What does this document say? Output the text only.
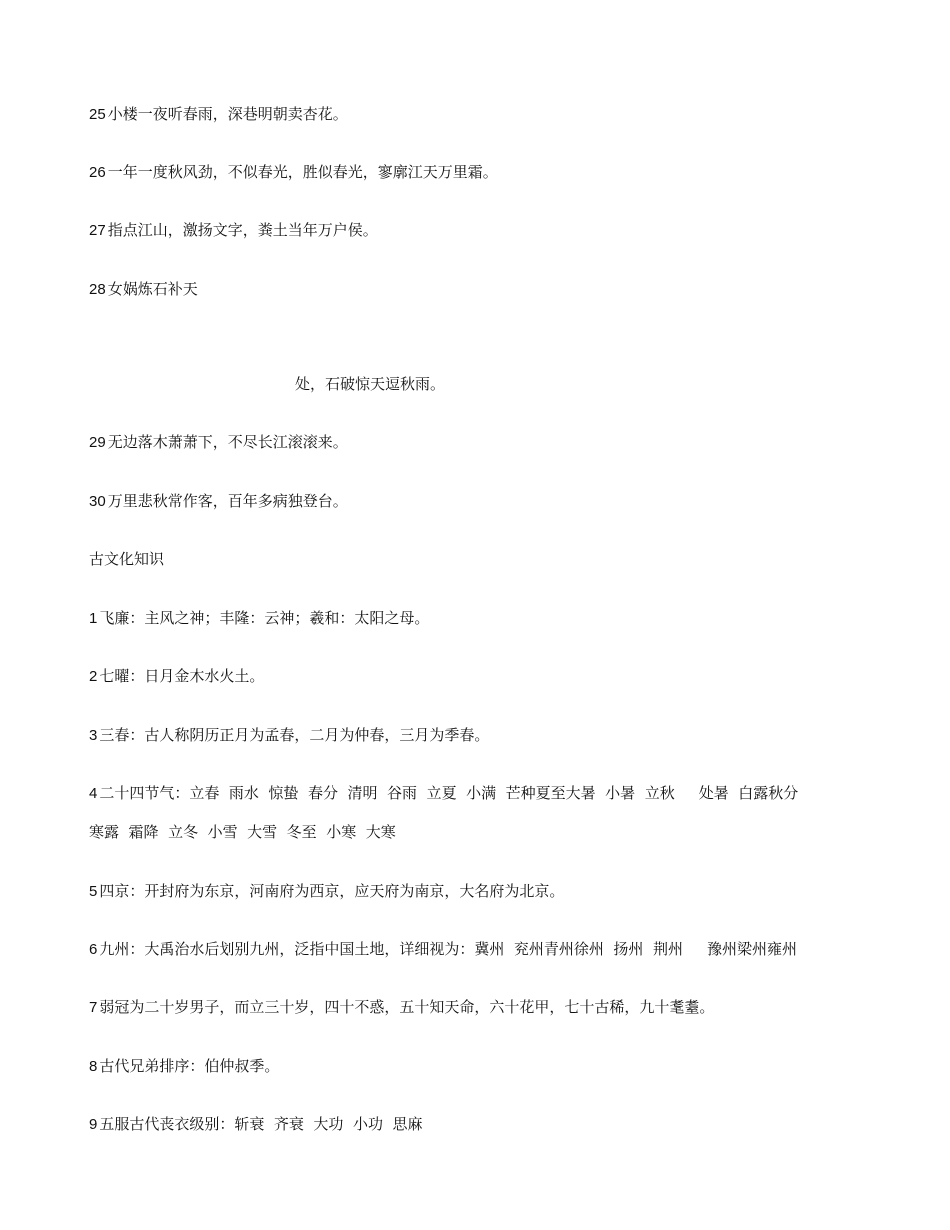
25 小楼一夜听春雨，深巷明朝卖杏花。
26 一年一度秋风劲，不似春光，胜似春光，寥廓江天万里霜。
27 指点江山，激扬文字，粪土当年万户侯。
28 女娲炼石补天
处，石破惊天逗秋雨。
29 无边落木萧萧下，不尽长江滚滚来。
30 万里悲秋常作客，百年多病独登台。
古文化知识
1 飞廉：主风之神；丰隆：云神；羲和：太阳之母。
2 七曜：日月金木水火土。
3 三春：古人称阴历正月为孟春，二月为仲春，三月为季春。
4 二十四节气：立春  雨水  惊蛰  春分  清明  谷雨  立夏  小满  芒种夏至大暑  小暑  立秋 处暑  白露秋分
寒露  霜降  立冬  小雪  大雪  冬至  小寒  大寒
5 四京：开封府为东京，河南府为西京，应天府为南京，大名府为北京。
6 九州：大禹治水后划别九州，泛指中国土地，详细视为：冀州  兖州青州徐州  扬州  荆州 豫州梁州雍州
7 弱冠为二十岁男子，而立三十岁，四十不惑，五十知天命，六十花甲，七十古稀，九十耄耋。
8 古代兄弟排序：伯仲叔季。
9 五服古代丧衣级别：斩衰  齐衰  大功  小功  思麻
